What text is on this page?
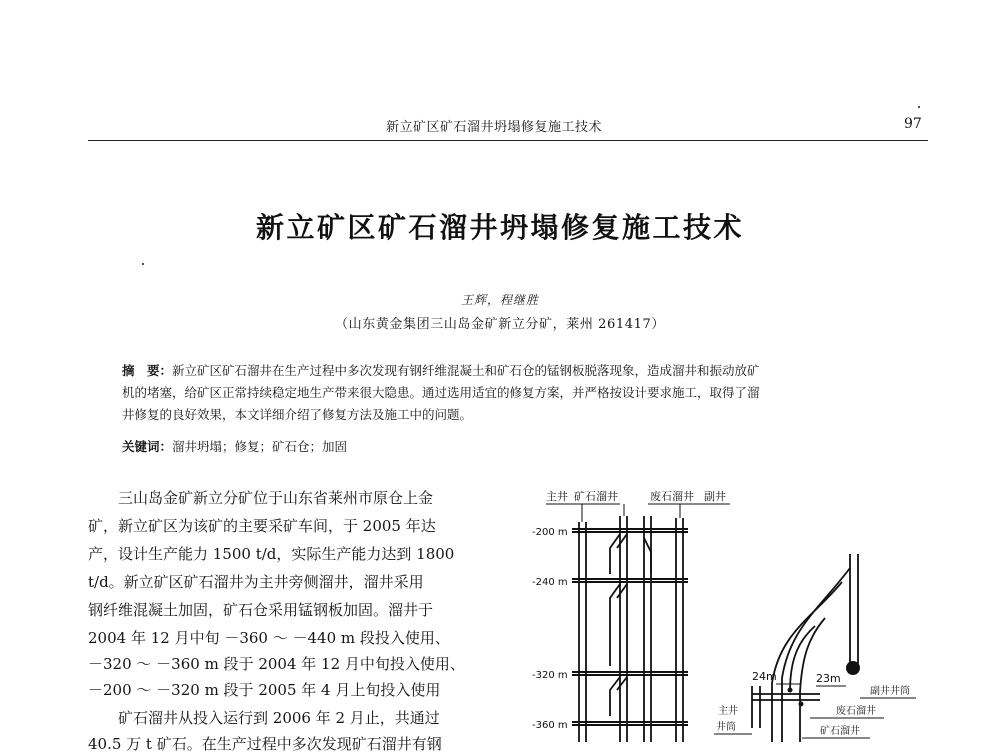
新立矿区矿石溜井坍塌修复施工技术	97
新立矿区矿石溜井坍塌修复施工技术
王辉，程继胜
（山东黄金集团三山岛金矿新立分矿，莱州 261417）
摘　要：新立矿区矿石溜井在生产过程中多次发现有钢纤维混凝土和矿石仓的锰钢板脱落现象，造成溜井和振动放矿
机的堵塞，给矿区正常持续稳定地生产带来很大隐患。通过选用适宜的修复方案，并严格按设计要求施工，取得了溜
井修复的良好效果，本文详细介绍了修复方法及施工中的问题。
关键词：溜井坍塌；修复；矿石仓；加固
　　三山岛金矿新立分矿位于山东省莱州市原仓上金
矿，新立矿区为该矿的主要采矿车间，于 2005 年达
产，设计生产能力 1500 t/d，实际生产能力达到 1800
t/d。新立矿区矿石溜井为主井旁侧溜井，溜井采用
钢纤维混凝土加固，矿石仓采用锰钢板加固。溜井于
2004 年 12 月中旬 －360 ～ －440 m 段投入使用、
－320 ～ －360 m 段于 2004 年 12 月中旬投入使用、
－200 ～ －320 m 段于 2005 年 4 月上旬投入使用
　　矿石溜井从投入运行到 2006 年 2 月止，共通过
40.5 万 t 矿石。在生产过程中多次发现矿石溜井有钢
主井 矿石溜井	废石溜井 副井
-200 m
-240 m
-320 m
-360 m
24m	23m
副井井筒
废石溜井
矿石溜井
主井
井筒
